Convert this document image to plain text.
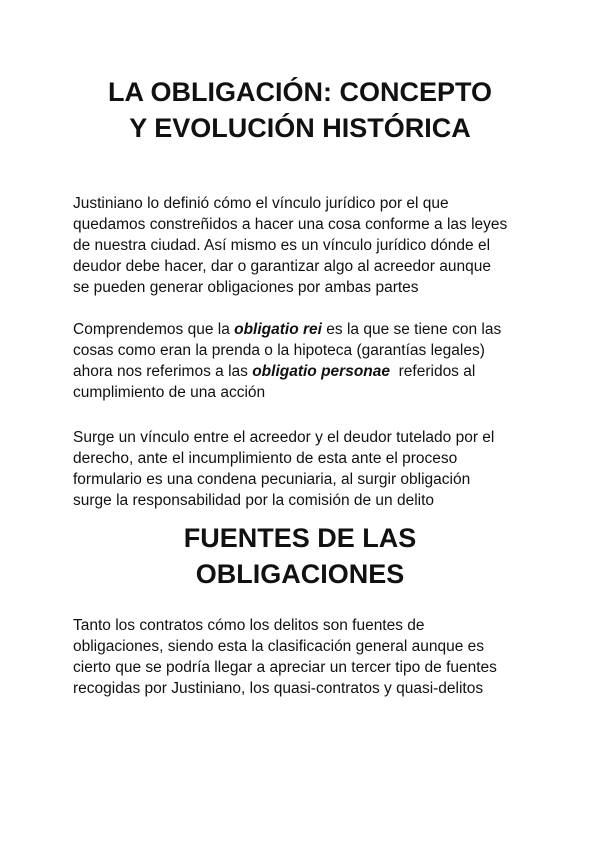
LA OBLIGACIÓN: CONCEPTO
Y EVOLUCIÓN HISTÓRICA

Justiniano lo definió cómo el vínculo jurídico por el que
quedamos constreñidos a hacer una cosa conforme a las leyes
de nuestra ciudad. Así mismo es un vínculo jurídico dónde el
deudor debe hacer, dar o garantizar algo al acreedor aunque
se pueden generar obligaciones por ambas partes

Comprendemos que la obligatio rei es la que se tiene con las
cosas como eran la prenda o la hipoteca (garantías legales)
ahora nos referimos a las obligatio personae  referidos al
cumplimiento de una acción

Surge un vínculo entre el acreedor y el deudor tutelado por el
derecho, ante el incumplimiento de esta ante el proceso
formulario es una condena pecuniaria, al surgir obligación
surge la responsabilidad por la comisión de un delito

FUENTES DE LAS
OBLIGACIONES

Tanto los contratos cómo los delitos son fuentes de
obligaciones, siendo esta la clasificación general aunque es
cierto que se podría llegar a apreciar un tercer tipo de fuentes
recogidas por Justiniano, los quasi-contratos y quasi-delitos
